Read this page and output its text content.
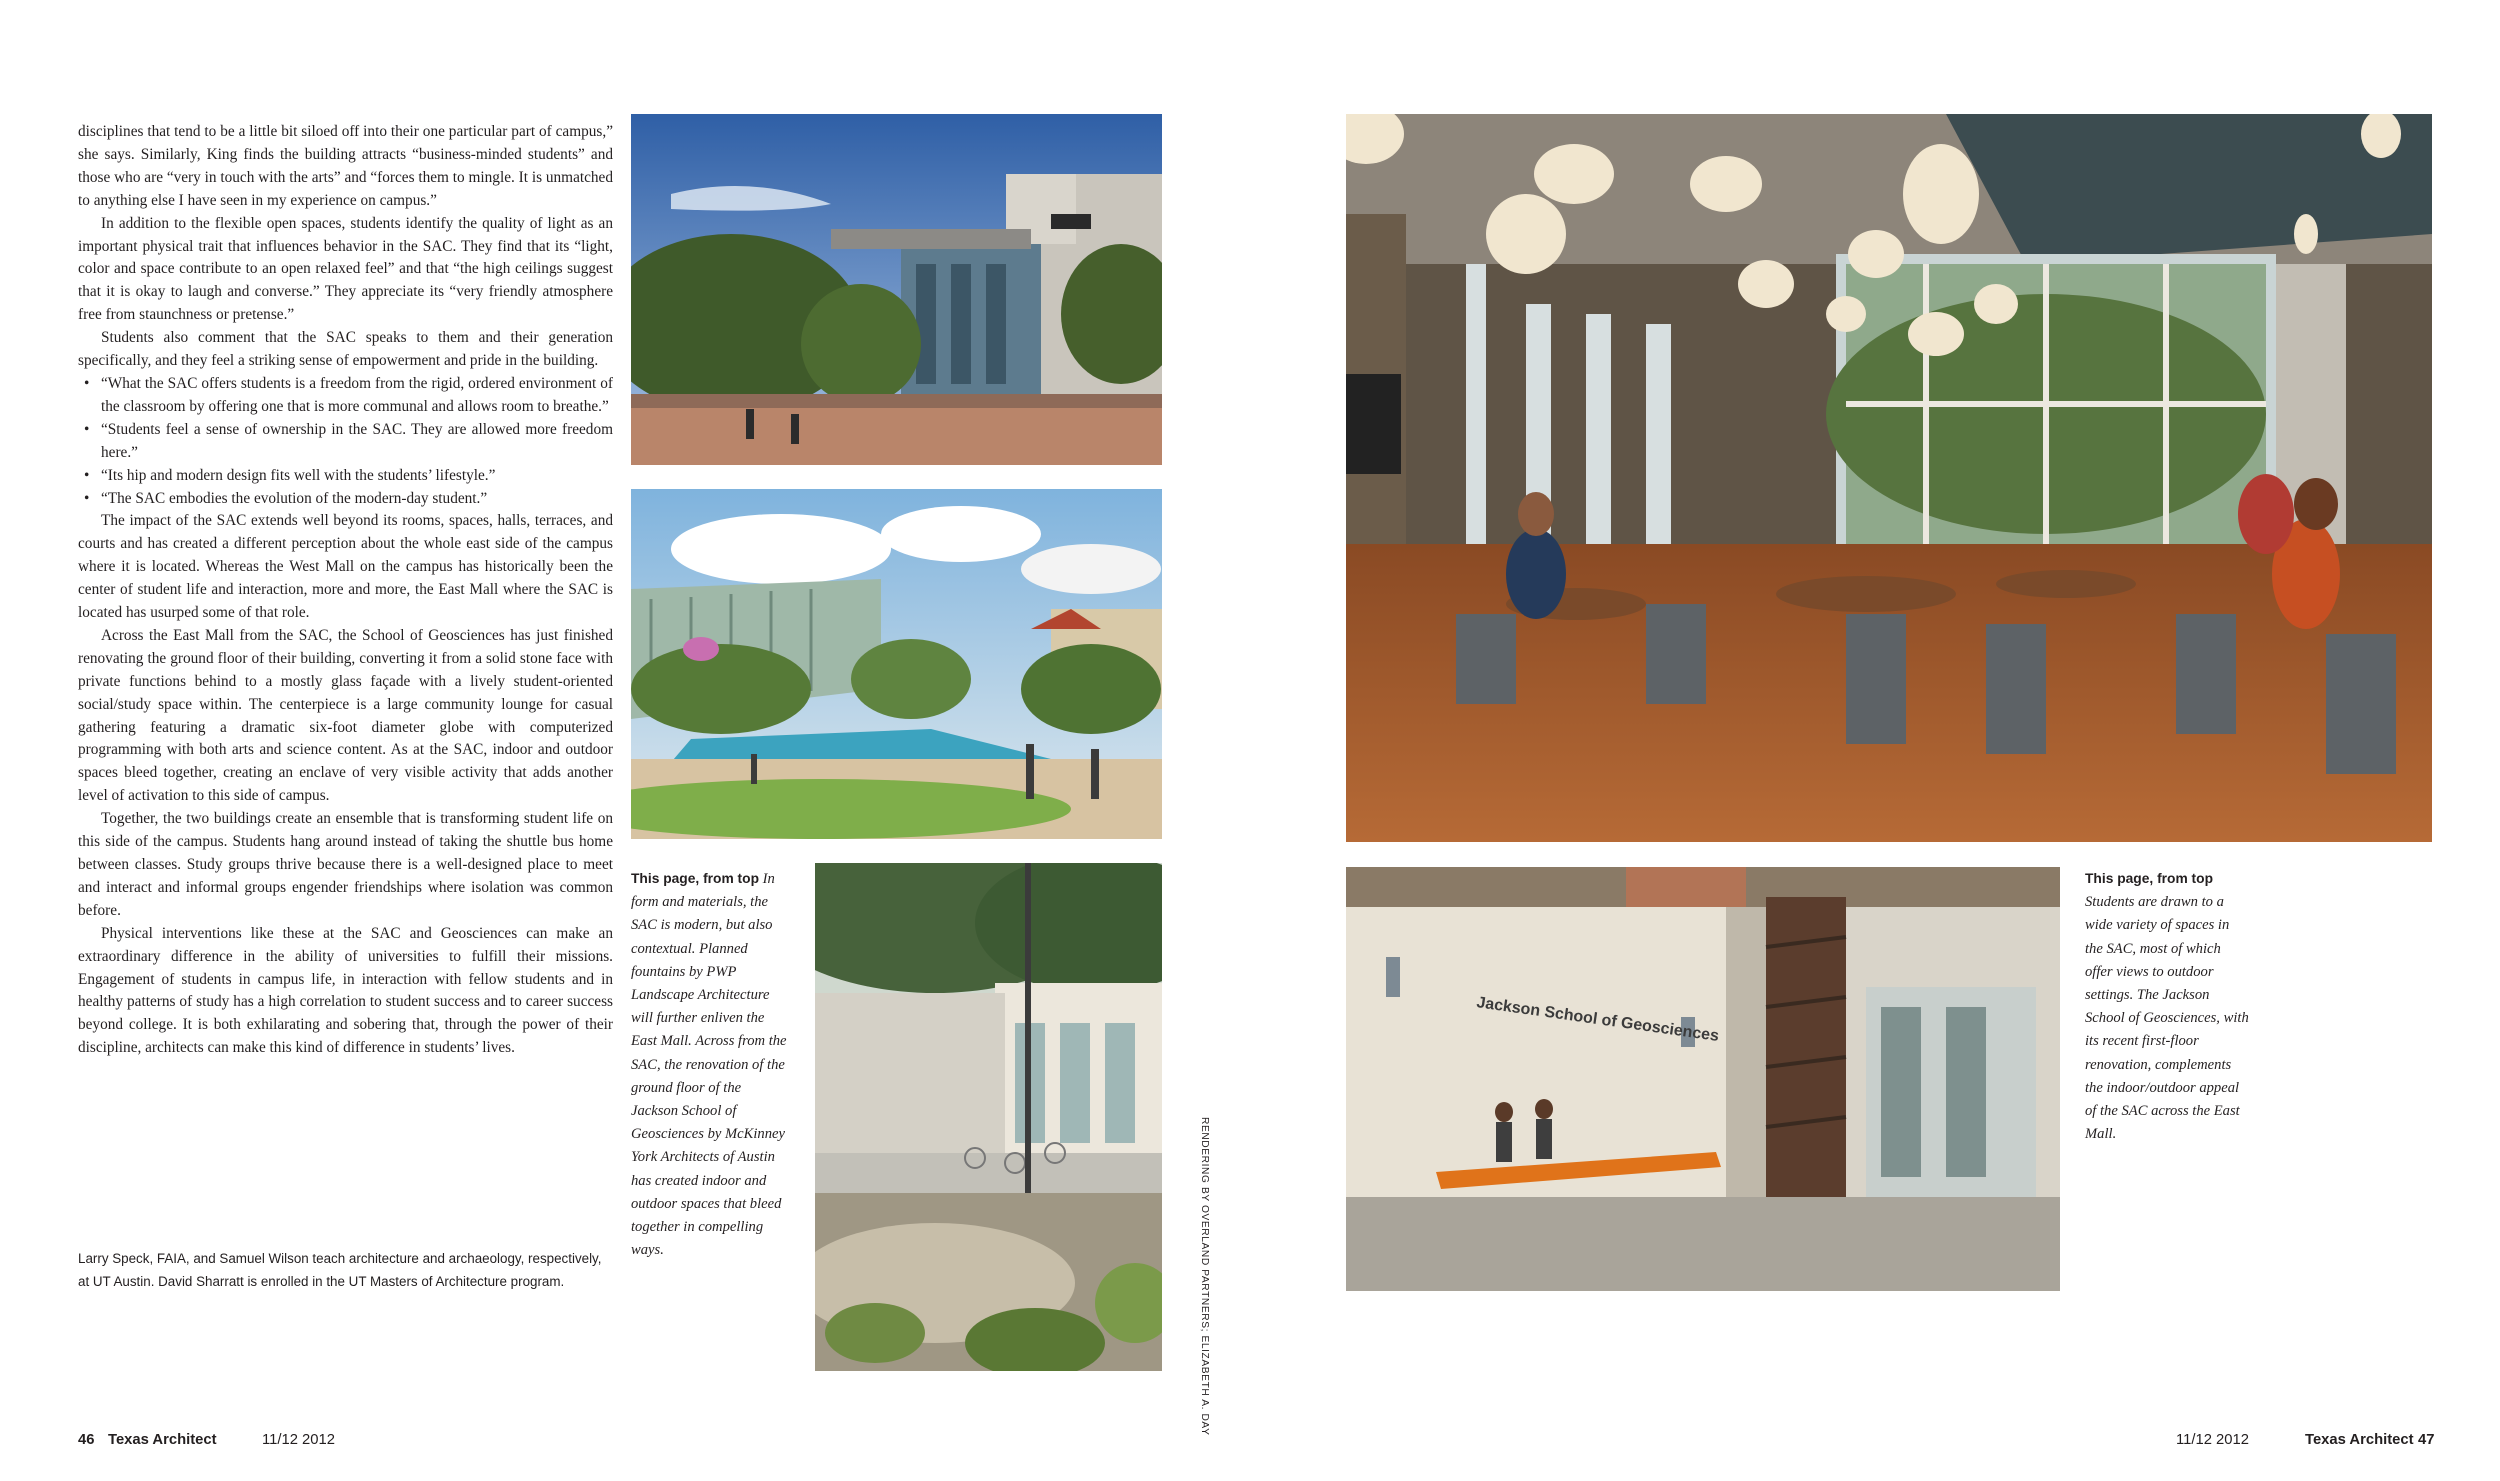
disciplines that tend to be a little bit siloed off into their one particular part of campus,” she says. Similarly, King finds the building attracts “business-minded students” and those who are “very in touch with the arts” and “forces them to mingle. It is unmatched to anything else I have seen in my experience on campus.”

In addition to the flexible open spaces, students identify the quality of light as an important physical trait that influences behavior in the SAC. They find that its “light, color and space contribute to an open relaxed feel” and that “the high ceilings suggest that it is okay to laugh and converse.” They appreciate its “very friendly atmosphere free from staunchness or pretense.”

Students also comment that the SAC speaks to them and their generation specifically, and they feel a striking sense of empowerment and pride in the building.

• “What the SAC offers students is a freedom from the rigid, ordered environment of the classroom by offering one that is more communal and allows room to breathe.”
• “Students feel a sense of ownership in the SAC. They are allowed more freedom here.”
• “Its hip and modern design fits well with the students’ lifestyle.”
• “The SAC embodies the evolution of the modern-day student.”

The impact of the SAC extends well beyond its rooms, spaces, halls, terraces, and courts and has created a different perception about the whole east side of the campus where it is located. Whereas the West Mall on the campus has historically been the center of student life and interaction, more and more, the East Mall where the SAC is located has usurped some of that role.

Across the East Mall from the SAC, the School of Geosciences has just finished renovating the ground floor of their building, converting it from a solid stone face with private functions behind to a mostly glass façade with a lively student-oriented social/study space within. The centerpiece is a large community lounge for casual gathering featuring a dramatic six-foot diameter globe with computerized programming with both arts and science content. As at the SAC, indoor and outdoor spaces bleed together, creating an enclave of very visible activity that adds another level of activation to this side of campus.

Together, the two buildings create an ensemble that is transforming student life on this side of the campus. Students hang around instead of taking the shuttle bus home between classes. Study groups thrive because there is a well-designed place to meet and interact and informal groups engender friendships where isolation was common before.

Physical interventions like these at the SAC and Geosciences can make an extraordinary difference in the ability of universities to fulfill their missions. Engagement of students in campus life, in interaction with fellow students and in healthy patterns of study has a high correlation to student success and to career success beyond college. It is both exhilarating and sobering that, through the power of their discipline, architects can make this kind of difference in students’ lives.

Larry Speck, FAIA, and Samuel Wilson teach architecture and archaeology, respectively, at UT Austin. David Sharratt is enrolled in the UT Masters of Architecture program.
This page, from top In form and materials, the SAC is modern, but also contextual. Planned fountains by PWP Landscape Architecture will further enliven the East Mall. Across from the SAC, the renovation of the ground floor of the Jackson School of Geosciences by McKinney York Architects of Austin has created indoor and outdoor spaces that bleed together in compelling ways.	RENDERING BY OVERLAND PARTNERS; ELIZABETH A. DAY
Jackson School of Geosciences
This page, from top Students are drawn to a wide variety of spaces in the SAC, most of which offer views to outdoor settings. The Jackson School of Geosciences, with its recent first-floor renovation, complements the indoor/outdoor appeal of the SAC across the East Mall.
46 Texas Architect	11/12 2012	11/12 2012	Texas Architect 47
